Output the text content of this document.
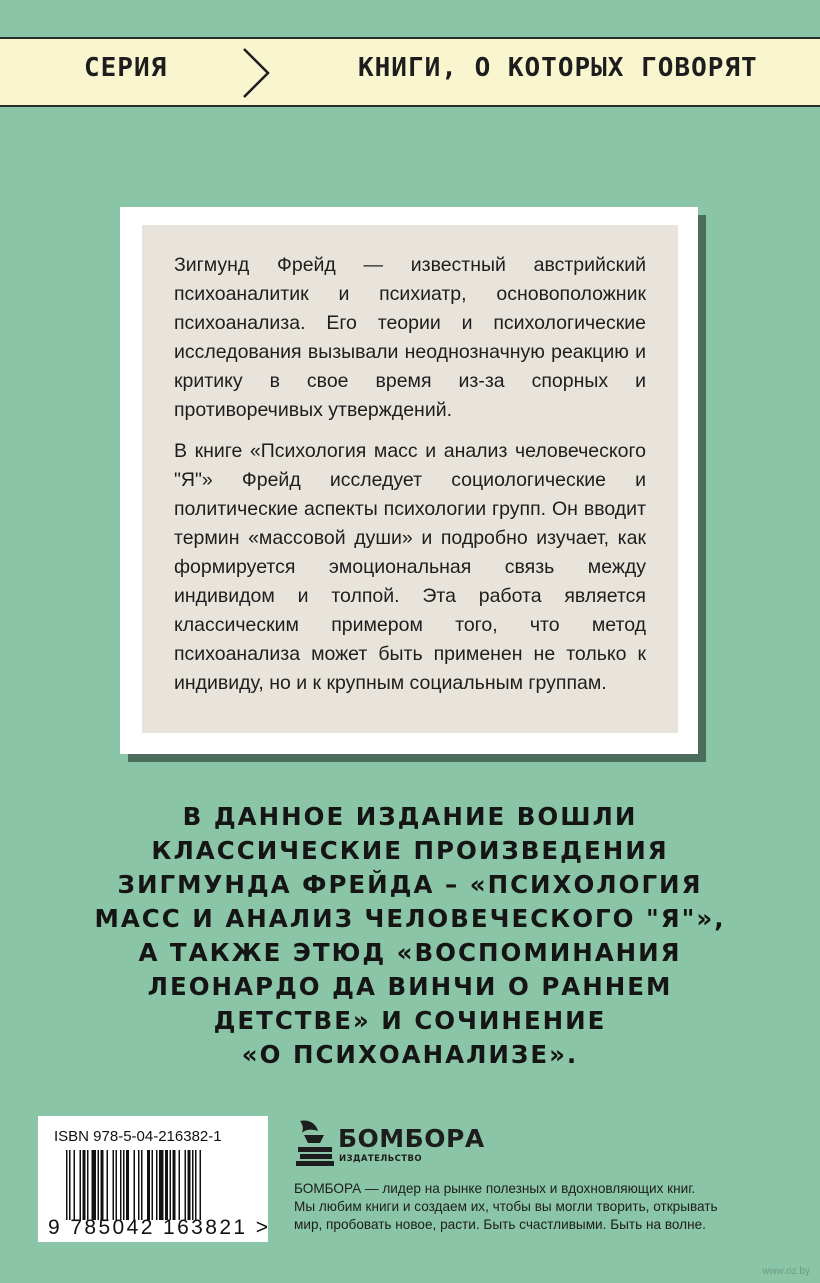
СЕРИЯ	КНИГИ, О КОТОРЫХ ГОВОРЯТ

Зигмунд Фрейд — известный австрийский психоаналитик и психиатр, основоположник психоанализа. Его теории и психологические исследования вызывали неоднозначную реакцию и критику в свое время из-за спорных и противоречивых утверждений.

В книге «Психология масс и анализ человеческого "Я"» Фрейд исследует социологические и политические аспекты психологии групп. Он вводит термин «массовой души» и подробно изучает, как формируется эмоциональная связь между индивидом и толпой. Эта работа является классическим примером того, что метод психоанализа может быть применен не только к индивиду, но и к крупным социальным группам.

В ДАННОЕ ИЗДАНИЕ ВОШЛИ
КЛАССИЧЕСКИЕ ПРОИЗВЕДЕНИЯ
ЗИГМУНДА ФРЕЙДА – «ПСИХОЛОГИЯ
МАСС И АНАЛИЗ ЧЕЛОВЕЧЕСКОГО "Я"»,
А ТАКЖЕ ЭТЮД «ВОСПОМИНАНИЯ
ЛЕОНАРДО ДА ВИНЧИ О РАННЕМ
ДЕТСТВЕ» И СОЧИНЕНИЕ
«О ПСИХОАНАЛИЗЕ».
ISBN 978-5-04-216382-1
9 785042 163821 >
БОМБОРА
ИЗДАТЕЛЬСТВО
БОМБОРА — лидер на рынке полезных и вдохновляющих книг.
Мы любим книги и создаем их, чтобы вы могли творить, открывать
мир, пробовать новое, расти. Быть счастливыми. Быть на волне.
www.oz.by
